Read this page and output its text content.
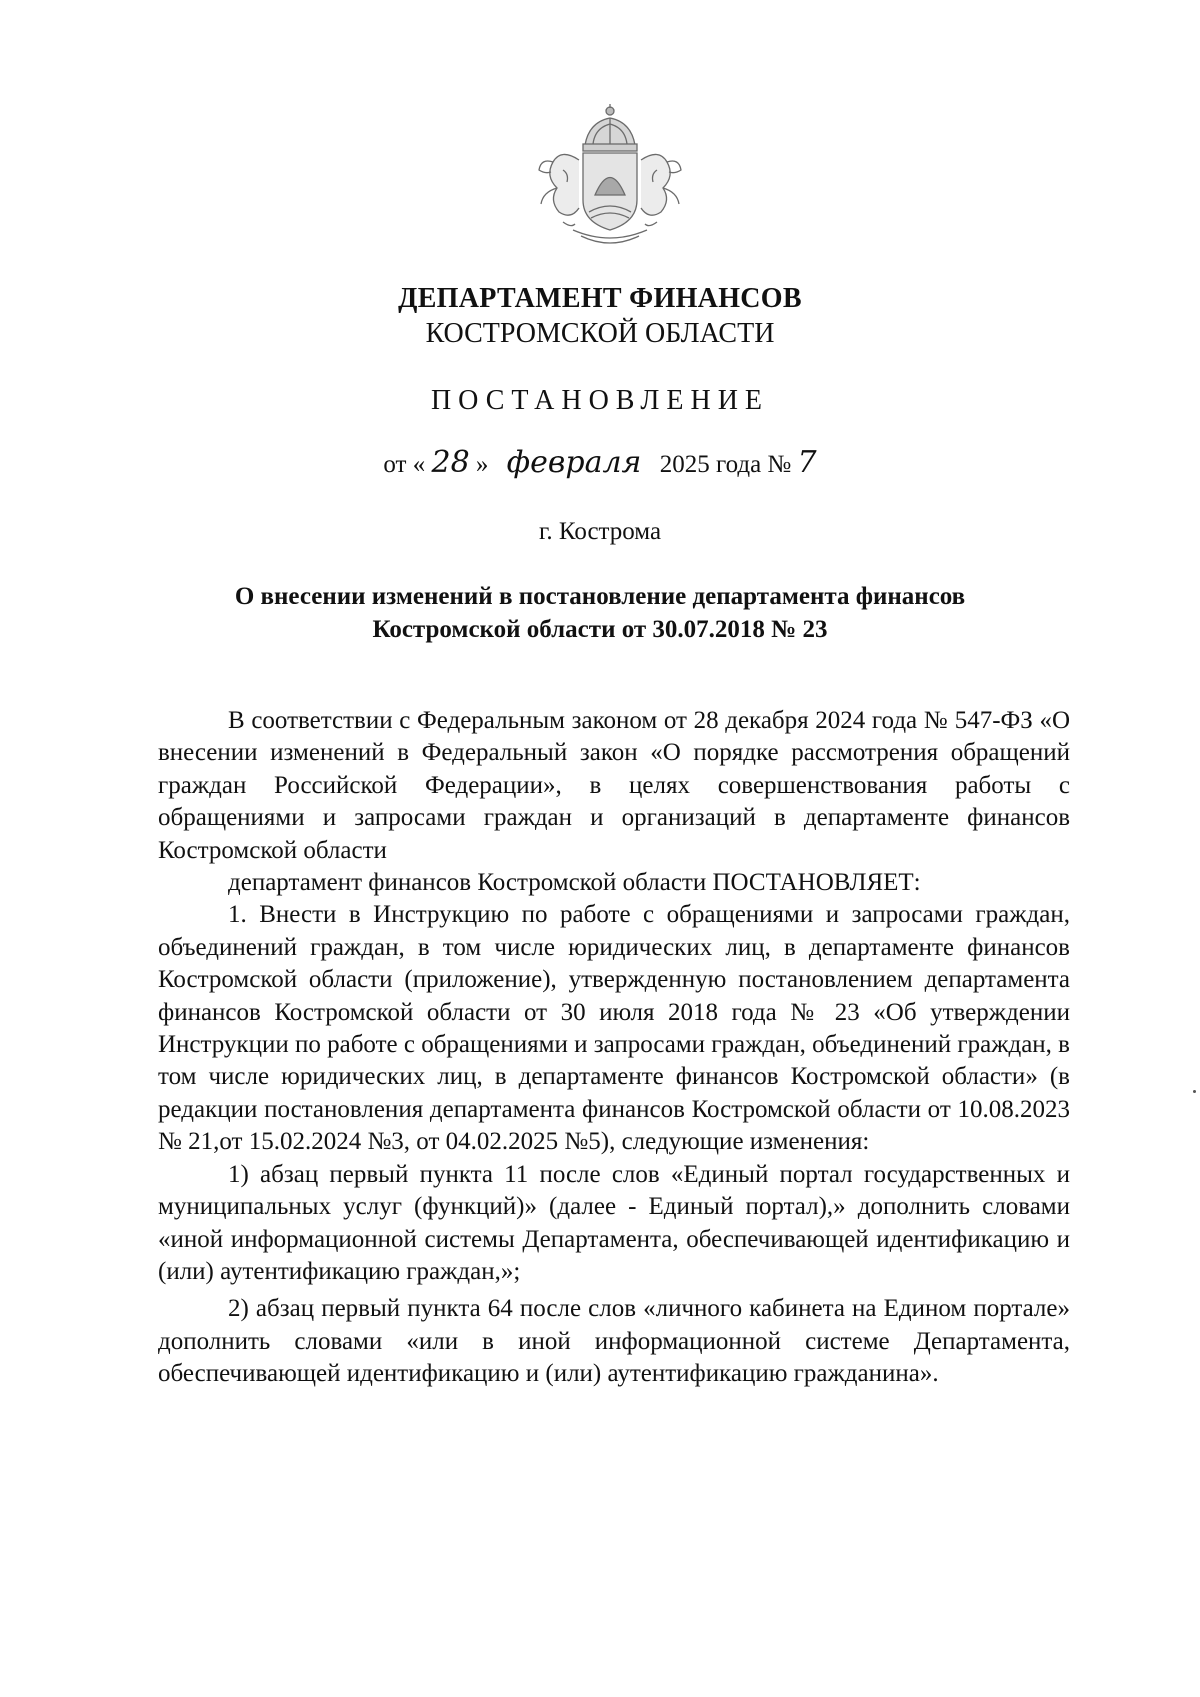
ДЕПАРТАМЕНТ ФИНАНСОВ
КОСТРОМСКОЙ ОБЛАСТИ
ПОСТАНОВЛЕНИЕ
от « 28 » февраля 2025 года № 7
г. Кострома
О внесении изменений в постановление департамента финансов
Костромской области от 30.07.2018 № 23

В соответствии с Федеральным законом от 28 декабря 2024 года № 547-ФЗ «О внесении изменений в Федеральный закон «О порядке рассмотрения обращений граждан Российской Федерации», в целях совершенствования работы с обращениями и запросами граждан и организаций в департаменте финансов Костромской области

департамент финансов Костромской области ПОСТАНОВЛЯЕТ:

1. Внести в Инструкцию по работе с обращениями и запросами граждан, объединений граждан, в том числе юридических лиц, в департаменте финансов Костромской области (приложение), утвержденную постановлением департамента финансов Костромской области от 30 июля 2018 года № 23 «Об утверждении Инструкции по работе с обращениями и запросами граждан, объединений граждан, в том числе юридических лиц, в департаменте финансов Костромской области» (в редакции постановления департамента финансов Костромской области от 10.08.2023 № 21,от 15.02.2024 №3, от 04.02.2025 №5), следующие изменения:

1) абзац первый пункта 11 после слов «Единый портал государственных и муниципальных услуг (функций)» (далее - Единый портал),» дополнить словами «иной информационной системы Департамента, обеспечивающей идентификацию и (или) аутентификацию граждан,»;

2) абзац первый пункта 64 после слов «личного кабинета на Едином портале» дополнить словами «или в иной информационной системе Департамента, обеспечивающей идентификацию и (или) аутентификацию гражданина».
